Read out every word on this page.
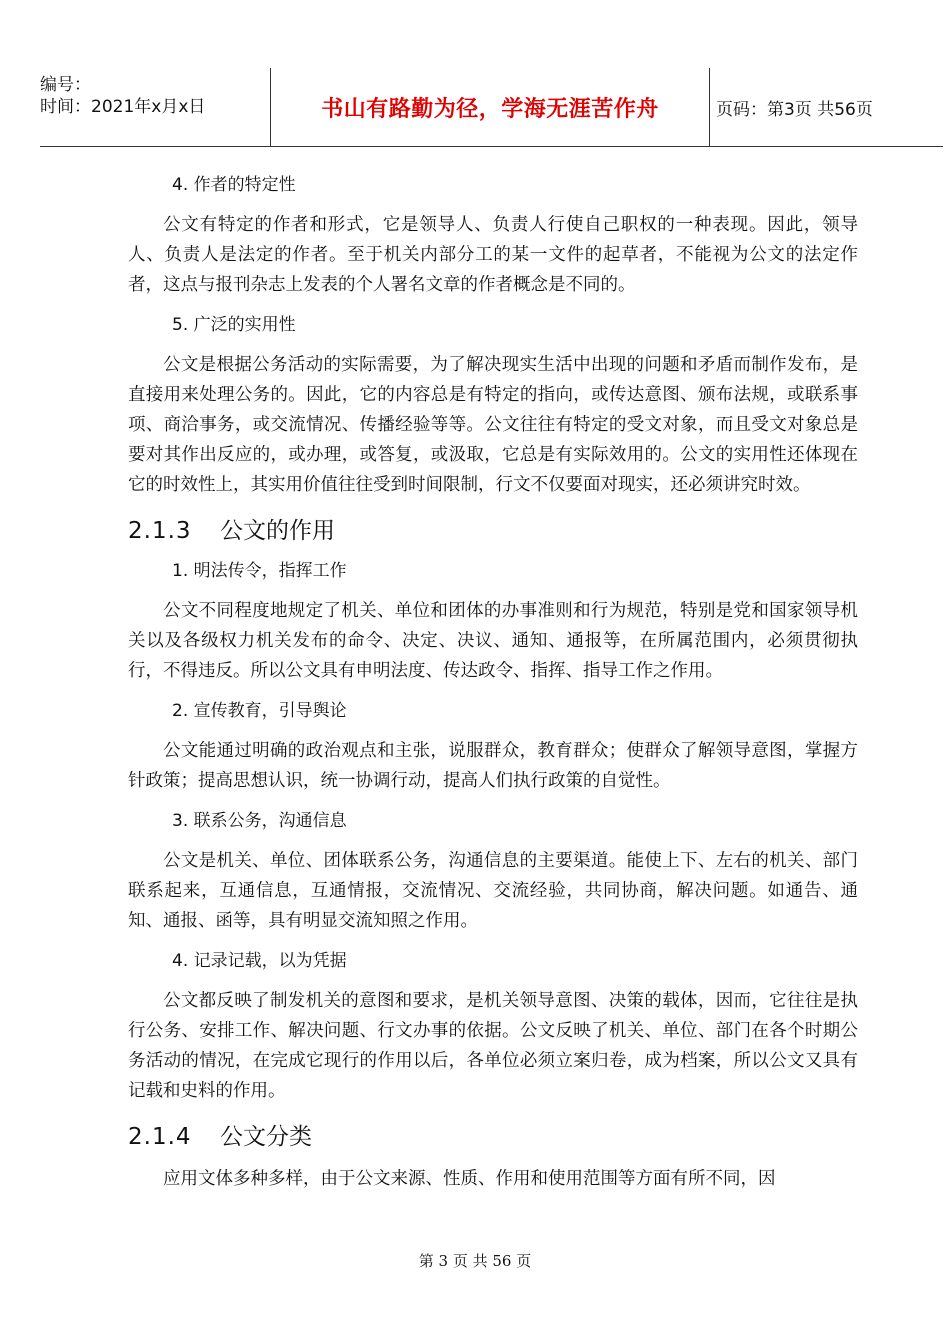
编号：
时间：2021年x月x日	书山有路勤为径，学海无涯苦作舟	页码：第3页 共56页
4. 作者的特定性
公文有特定的作者和形式，它是领导人、负责人行使自己职权的一种表现。因此，领导人、负责人是法定的作者。至于机关内部分工的某一文件的起草者，不能视为公文的法定作者，这点与报刊杂志上发表的个人署名文章的作者概念是不同的。
5. 广泛的实用性
公文是根据公务活动的实际需要，为了解决现实生活中出现的问题和矛盾而制作发布，是直接用来处理公务的。因此，它的内容总是有特定的指向，或传达意图、颁布法规，或联系事项、商洽事务，或交流情况、传播经验等等。公文往往有特定的受文对象，而且受文对象总是要对其作出反应的，或办理，或答复，或汲取，它总是有实际效用的。公文的实用性还体现在它的时效性上，其实用价值往往受到时间限制，行文不仅要面对现实，还必须讲究时效。
2.1.3 公文的作用
1. 明法传令，指挥工作
公文不同程度地规定了机关、单位和团体的办事准则和行为规范，特别是党和国家领导机关以及各级权力机关发布的命令、决定、决议、通知、通报等，在所属范围内，必须贯彻执行，不得违反。所以公文具有申明法度、传达政令、指挥、指导工作之作用。
2. 宣传教育，引导舆论
公文能通过明确的政治观点和主张，说服群众，教育群众；使群众了解领导意图，掌握方针政策；提高思想认识，统一协调行动，提高人们执行政策的自觉性。
3. 联系公务，沟通信息
公文是机关、单位、团体联系公务，沟通信息的主要渠道。能使上下、左右的机关、部门联系起来，互通信息，互通情报，交流情况、交流经验，共同协商，解决问题。如通告、通知、通报、函等，具有明显交流知照之作用。
4. 记录记载，以为凭据
公文都反映了制发机关的意图和要求，是机关领导意图、决策的载体，因而，它往往是执行公务、安排工作、解决问题、行文办事的依据。公文反映了机关、单位、部门在各个时期公务活动的情况，在完成它现行的作用以后，各单位必须立案归卷，成为档案，所以公文又具有记载和史料的作用。
2.1.4 公文分类
应用文体多种多样，由于公文来源、性质、作用和使用范围等方面有所不同，因
第 3 页 共 56 页
